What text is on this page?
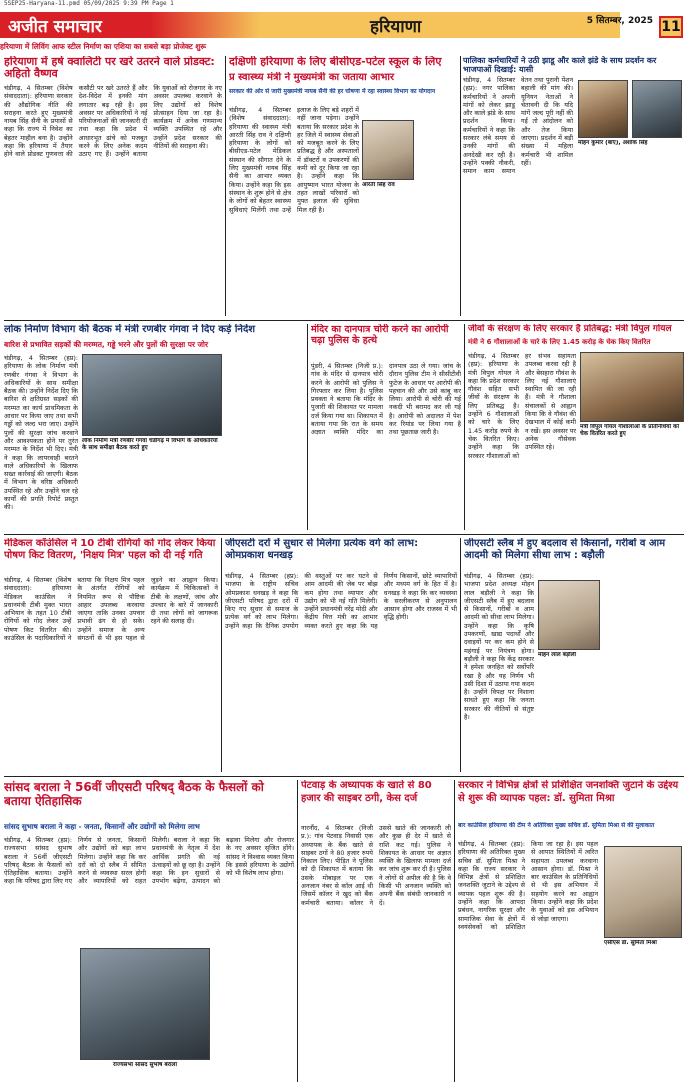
5SEP25-Haryana-11.pmd 05/09/2025 9:39 PM Page 1
अजीत समाचार	हरियाणा	5 सितम्बर, 2025 11
हरियाणा में लिविंग आफ स्टील निर्माण का एशिया का सबसे बड़ा प्रोजेक्ट शुरू
हरियाणा में हर्ष क्वालिटी पर खरे उतरने वाले प्रोडक्ट: अहितो वैष्णव
चंडीगढ़, 4 सितम्बर (विशेष संवाददाता): हरियाणा सरकार की औद्योगिक नीति की सराहना करते हुए मुख्यमंत्री नायब सिंह सैनी के प्रयासों से कहा कि राज्य में निवेश का बेहतर माहौल बना है। उन्होंने कहा कि हरियाणा में तैयार होने वाले प्रोडक्ट गुणवत्ता की कसौटी पर खरे उतरते हैं और देश-विदेश में इनकी मांग लगातार बढ़ रही है। इस अवसर पर अधिकारियों ने नई परियोजनाओं की जानकारी दी तथा कहा कि प्रदेश में आधारभूत ढांचे को मजबूत करने के लिए अनेक कदम उठाए गए हैं। उन्होंने बताया कि युवाओं को रोजगार के नए अवसर उपलब्ध करवाने के लिए उद्योगों को विशेष प्रोत्साहन दिया जा रहा है। कार्यक्रम में अनेक गणमान्य व्यक्ति उपस्थित रहे और उन्होंने प्रदेश सरकार की नीतियों की सराहना की।
दक्षिणी हरियाणा के लिए बीसीएड-पटेल स्कूल के लिए
प्र स्वास्थ्य मंत्री ने मुख्यमंत्री का जताया आभार
सरकार की ओर से जारी मुख्यमंत्री नायब सैनी की हर घोषणा में रहा स्वास्थ्य विभाग का योगदान
चंडीगढ़, 4 सितम्बर (विशेष संवाददाता): हरियाणा की स्वास्थ्य मंत्री आरती सिंह राव ने दक्षिणी हरियाणा के लोगों को बीसीएड-पटेल मेडिकल संस्थान की सौगात देने के लिए मुख्यमंत्री नायब सिंह सैनी का आभार व्यक्त किया। उन्होंने कहा कि इस संस्थान के शुरू होने से क्षेत्र के लोगों को बेहतर स्वास्थ्य सुविधाएं मिलेंगी तथा उन्हें इलाज के लिए बड़े शहरों में नहीं जाना पड़ेगा। उन्होंने बताया कि सरकार प्रदेश के हर जिले में स्वास्थ्य सेवाओं को मजबूत करने के लिए प्रतिबद्ध है और अस्पतालों में डॉक्टरों व उपकरणों की कमी को दूर किया जा रहा है। उन्होंने कहा कि आयुष्मान भारत योजना के तहत लाखों परिवारों को मुफ्त इलाज की सुविधा मिल रही है।
आरती सिंह राव
पालिका कर्मचारियों ने उठी झाडू और काले झंडे के साथ प्रदर्शन कर भाजपाओं दिखाई: यासी
चंडीगढ़, 4 सितम्बर (हप्र): नगर पालिका कर्मचारियों ने अपनी मांगों को लेकर झाडू और काले झंडे के साथ प्रदर्शन किया। कर्मचारियों ने कहा कि सरकार लंबे समय से उनकी मांगों की अनदेखी कर रही है। उन्होंने पक्की नौकरी, समान काम समान वेतन तथा पुरानी पेंशन बहाली की मांग की। यूनियन नेताओं ने चेतावनी दी कि यदि मांगें जल्द पूरी नहीं की गईं तो आंदोलन को और तेज किया जाएगा। प्रदर्शन में बड़ी संख्या में महिला कर्मचारी भी शामिल रहीं।
मोहन कुमार (बाएं), अशोक सिंह
लोक निर्माण विभाग की बैठक में मंत्री रणबीर गंगवा ने दिए कड़े निर्देश
बारिश से प्रभावित सड़कों की मरम्मत, गड्ढे भरने और पुलों की सुरक्षा पर जोर
चंडीगढ़, 4 सितम्बर (हप्र): हरियाणा के लोक निर्माण मंत्री रणबीर गंगवा ने विभाग के अधिकारियों के साथ समीक्षा बैठक की। उन्होंने निर्देश दिए कि बारिश से क्षतिग्रस्त सड़कों की मरम्मत का कार्य प्राथमिकता के आधार पर किया जाए तथा सभी गड्ढों को जल्द भरा जाए। उन्होंने पुलों की सुरक्षा जांच करवाने और आवश्यकता होने पर तुरंत मरम्मत के निर्देश भी दिए। मंत्री ने कहा कि लापरवाही बरतने वाले अधिकारियों के खिलाफ सख्त कार्रवाई की जाएगी। बैठक में विभाग के वरिष्ठ अधिकारी उपस्थित रहे और उन्होंने चल रहे कार्यों की प्रगति रिपोर्ट प्रस्तुत की।
लोक निर्माण मंत्री रणबीर गंगवा चंडीगढ़ में विभाग के अधिकारियों के साथ समीक्षा बैठक करते हुए
मंदिर का दानपात्र चोरी करने का आरोपी चढ़ा पुलिस के हत्थे
पुंडरी, 4 सितम्बर (निजी प्र.): गांव के मंदिर से दानपात्र चोरी करने के आरोपी को पुलिस ने गिरफ्तार कर लिया है। पुलिस प्रवक्ता ने बताया कि मंदिर के पुजारी की शिकायत पर मामला दर्ज किया गया था। शिकायत में बताया गया कि रात के समय अज्ञात व्यक्ति मंदिर का दानपात्र उठा ले गया। जांच के दौरान पुलिस टीम ने सीसीटीवी फुटेज के आधार पर आरोपी की पहचान की और उसे काबू कर लिया। आरोपी से चोरी की गई नकदी भी बरामद कर ली गई है। आरोपी को अदालत में पेश कर रिमांड पर लिया गया है तथा पूछताछ जारी है।
जीवों के संरक्षण के लिए सरकार है प्रतिबद्ध: मंत्री विपुल गोयल
मंत्री ने 6 गौशालाओं के चारे के लिए 1.45 करोड़ के चेक किए वितरित
चंडीगढ़, 4 सितम्बर (हप्र): हरियाणा के मंत्री विपुल गोयल ने कहा कि प्रदेश सरकार गौवंश सहित सभी जीवों के संरक्षण के लिए प्रतिबद्ध है। उन्होंने 6 गौशालाओं को चारे के लिए 1.45 करोड़ रुपये के चेक वितरित किए। उन्होंने कहा कि सरकार गौशालाओं को हर संभव सहायता उपलब्ध करवा रही है और बेसहारा गौवंश के लिए नई गौशालाएं स्थापित की जा रही हैं। मंत्री ने गौशाला संचालकों से आह्वान किया कि वे गौवंश की देखभाल में कोई कमी न रखें। इस अवसर पर अनेक गौसेवक उपस्थित रहे।
मंत्री विपुल गोयल गौशालाओं के प्रतिनिधियों को चेक वितरित करते हुए
मेडिकल कॉउंसिल ने 10 टीबी रोगियों को गोद लेकर किया पोषण किट वितरण, 'निक्षय मित्र' पहल को दी नई गति
चंडीगढ़, 4 सितम्बर (विशेष संवाददाता): हरियाणा मेडिकल काउंसिल ने प्रधानमंत्री टीबी मुक्त भारत अभियान के तहत 10 टीबी रोगियों को गोद लेकर उन्हें पोषण किट वितरित की। काउंसिल के पदाधिकारियों ने बताया कि निक्षय मित्र पहल के अंतर्गत रोगियों को नियमित रूप से पौष्टिक आहार उपलब्ध करवाया जाएगा ताकि उनका उपचार प्रभावी ढंग से हो सके। उन्होंने समाज के अन्य संगठनों से भी इस पहल से जुड़ने का आह्वान किया। कार्यक्रम में चिकित्सकों ने टीबी के लक्षणों, जांच और उपचार के बारे में जानकारी दी तथा लोगों को जागरूक रहने की सलाह दी।
जीएसटी दरों में सुधार से मिलेगा प्रत्येक वर्ग को लाभ: ओमप्रकाश धनखड़
चंडीगढ़, 4 सितम्बर (हप्र): भाजपा के राष्ट्रीय सचिव ओमप्रकाश धनखड़ ने कहा कि जीएसटी परिषद द्वारा दरों में किए गए सुधार से समाज के प्रत्येक वर्ग को लाभ मिलेगा। उन्होंने कहा कि दैनिक उपयोग की वस्तुओं पर कर घटने से आम आदमी की जेब पर बोझ कम होगा तथा व्यापार और उद्योग को भी नई गति मिलेगी। उन्होंने प्रधानमंत्री नरेंद्र मोदी और केंद्रीय वित्त मंत्री का आभार व्यक्त करते हुए कहा कि यह निर्णय किसानों, छोटे व्यापारियों और मध्यम वर्ग के हित में है। धनखड़ ने कहा कि कर व्यवस्था के सरलीकरण से अनुपालन आसान होगा और राजस्व में भी वृद्धि होगी।
जीएसटी स्लैब में हुए बदलाव से किसानों, गरीबों व आम आदमी को मिलेगा सीधा लाभ : बड़ौली
चंडीगढ़, 4 सितम्बर (हप्र): भाजपा प्रदेश अध्यक्ष मोहन लाल बड़ौली ने कहा कि जीएसटी स्लैब में हुए बदलाव से किसानों, गरीबों व आम आदमी को सीधा लाभ मिलेगा। उन्होंने कहा कि कृषि उपकरणों, खाद्य पदार्थों और दवाइयों पर कर कम होने से महंगाई पर नियंत्रण होगा। बड़ौली ने कहा कि केंद्र सरकार ने हमेशा जनहित को सर्वोपरि रखा है और यह निर्णय भी उसी दिशा में उठाया गया कदम है। उन्होंने विपक्ष पर निशाना साधते हुए कहा कि जनता सरकार की नीतियों से संतुष्ट है।
मोहन लाल बड़ौली
सांसद बराला ने 56वीं जीएसटी परिषद् बैठक के फैसलों को बताया ऐतिहासिक
सांसद सुभाष बराला ने कहा - जनता, किसानों और उद्योगों को मिलेगा लाभ
चंडीगढ़, 4 सितम्बर (हप्र): राज्यसभा सांसद सुभाष बराला ने 56वीं जीएसटी परिषद् बैठक के फैसलों को ऐतिहासिक बताया। उन्होंने कहा कि परिषद द्वारा लिए गए निर्णय से जनता, किसानों और उद्योगों को बड़ा लाभ मिलेगा। उन्होंने कहा कि कर दरों को दो स्लैब में सीमित करने से व्यवस्था सरल होगी और व्यापारियों को राहत मिलेगी। बराला ने कहा कि प्रधानमंत्री के नेतृत्व में देश आर्थिक प्रगति की नई ऊंचाइयों को छू रहा है। उन्होंने कहा कि इन सुधारों से उपभोग बढ़ेगा, उत्पादन को बढ़ावा मिलेगा और रोजगार के नए अवसर सृजित होंगे। सांसद ने विश्वास व्यक्त किया कि इससे हरियाणा के उद्योगों को भी विशेष लाभ होगा।
राज्यसभा सांसद सुभाष बराला
पेटवाड़ के अध्यापक के खाते से 80 हजार की साइबर ठगी, केस दर्ज
नारनौंद, 4 सितम्बर (निजी प्र.): गांव पेटवाड़ निवासी एक अध्यापक के बैंक खाते से साइबर ठगों ने 80 हजार रुपये निकाल लिए। पीड़ित ने पुलिस को दी शिकायत में बताया कि उसके मोबाइल पर एक अनजान नंबर से कॉल आई थी जिसमें कॉलर ने खुद को बैंक कर्मचारी बताया। कॉलर ने उससे खाते की जानकारी ली और कुछ ही देर में खाते से राशि कट गई। पुलिस ने शिकायत के आधार पर अज्ञात व्यक्ति के खिलाफ मामला दर्ज कर जांच शुरू कर दी है। पुलिस ने लोगों से अपील की है कि वे किसी भी अनजान व्यक्ति को अपनी बैंक संबंधी जानकारी न दें।
सरकार ने विभिन्न क्षेत्रों से प्रशिक्षित जनशक्ति जुटाने के उद्देश्य से शुरू की व्यापक पहल: डॉ. सुमिता मिश्रा
बार काउंसिल हरियाणा की टीम ने अतिरिक्त मुख्य सचिव डॉ. सुमिता मिश्रा से की मुलाकात
चंडीगढ़, 4 सितम्बर (हप्र): हरियाणा की अतिरिक्त मुख्य सचिव डॉ. सुमिता मिश्रा ने कहा कि राज्य सरकार ने विभिन्न क्षेत्रों से प्रशिक्षित जनशक्ति जुटाने के उद्देश्य से व्यापक पहल शुरू की है। उन्होंने कहा कि आपदा प्रबंधन, नागरिक सुरक्षा और सामाजिक सेवा के क्षेत्रों में स्वयंसेवकों को प्रशिक्षित किया जा रहा है। इस पहल से आपात स्थितियों में त्वरित सहायता उपलब्ध करवाना आसान होगा। डॉ. मिश्रा ने बार काउंसिल के प्रतिनिधियों से भी इस अभियान में सहयोग करने का आह्वान किया। उन्होंने कहा कि प्रदेश के युवाओं को इस अभियान से जोड़ा जाएगा।
एसीएस डॉ. सुमिता मिश्रा
